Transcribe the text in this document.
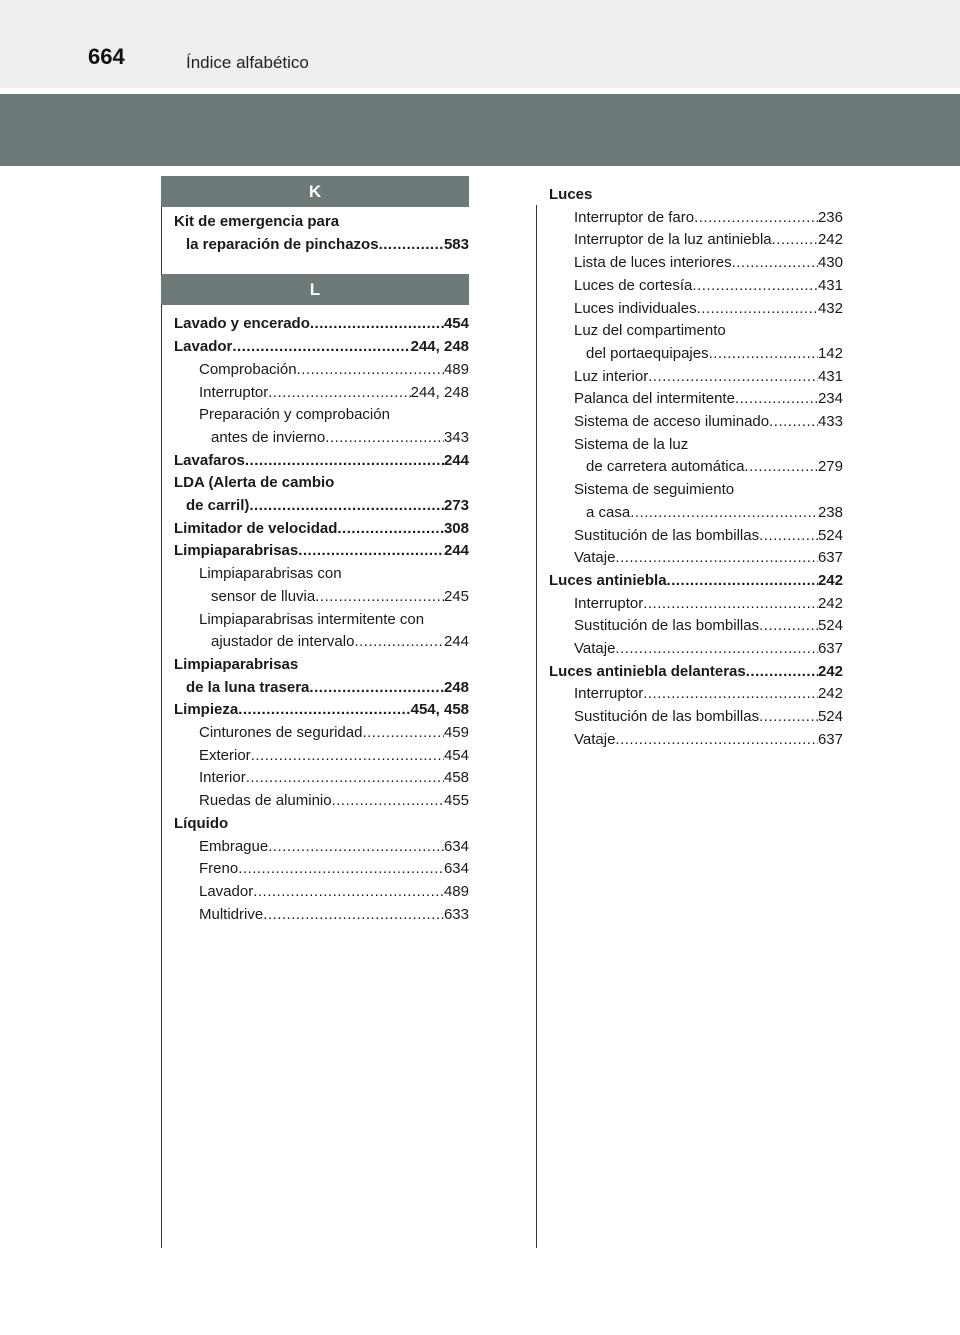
664	Índice alfabético
K
Kit de emergencia para
la reparación de pinchazos .....	583
L
Lavado y encerado .....	454
Lavador .....	244, 248
Comprobación .....	489
Interruptor .....	244, 248
Preparación y comprobación
antes de invierno .....	343
Lavafaros .....	244
LDA (Alerta de cambio
de carril) .....	273
Limitador de velocidad .....	308
Limpiaparabrisas .....	244
Limpiaparabrisas con
sensor de lluvia .....	245
Limpiaparabrisas intermitente con
ajustador de intervalo .....	244
Limpiaparabrisas
de la luna trasera .....	248
Limpieza .....	454, 458
Cinturones de seguridad .....	459
Exterior .....	454
Interior .....	458
Ruedas de aluminio .....	455
Líquido
Embrague .....	634
Freno .....	634
Lavador .....	489
Multidrive .....	633
Luces
Interruptor de faro .....	236
Interruptor de la luz antiniebla .....	242
Lista de luces interiores .....	430
Luces de cortesía .....	431
Luces individuales .....	432
Luz del compartimento
del portaequipajes .....	142
Luz interior .....	431
Palanca del intermitente .....	234
Sistema de acceso iluminado .....	433
Sistema de la luz
de carretera automática .....	279
Sistema de seguimiento
a casa .....	238
Sustitución de las bombillas .....	524
Vataje .....	637
Luces antiniebla .....	242
Interruptor .....	242
Sustitución de las bombillas .....	524
Vataje .....	637
Luces antiniebla delanteras .....	242
Interruptor .....	242
Sustitución de las bombillas .....	524
Vataje .....	637
